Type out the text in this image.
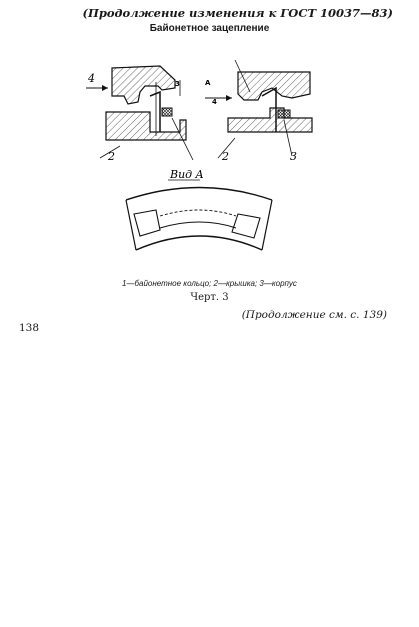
(Продолжение изменения к ГОСТ 10037—83)
Байонетное зацепление
4
2
3	A
2	3
4
Вид A
1—байонетное кольцо; 2—крышка; 3—корпус
Черт. 3
(Продолжение см. с. 139)
138
